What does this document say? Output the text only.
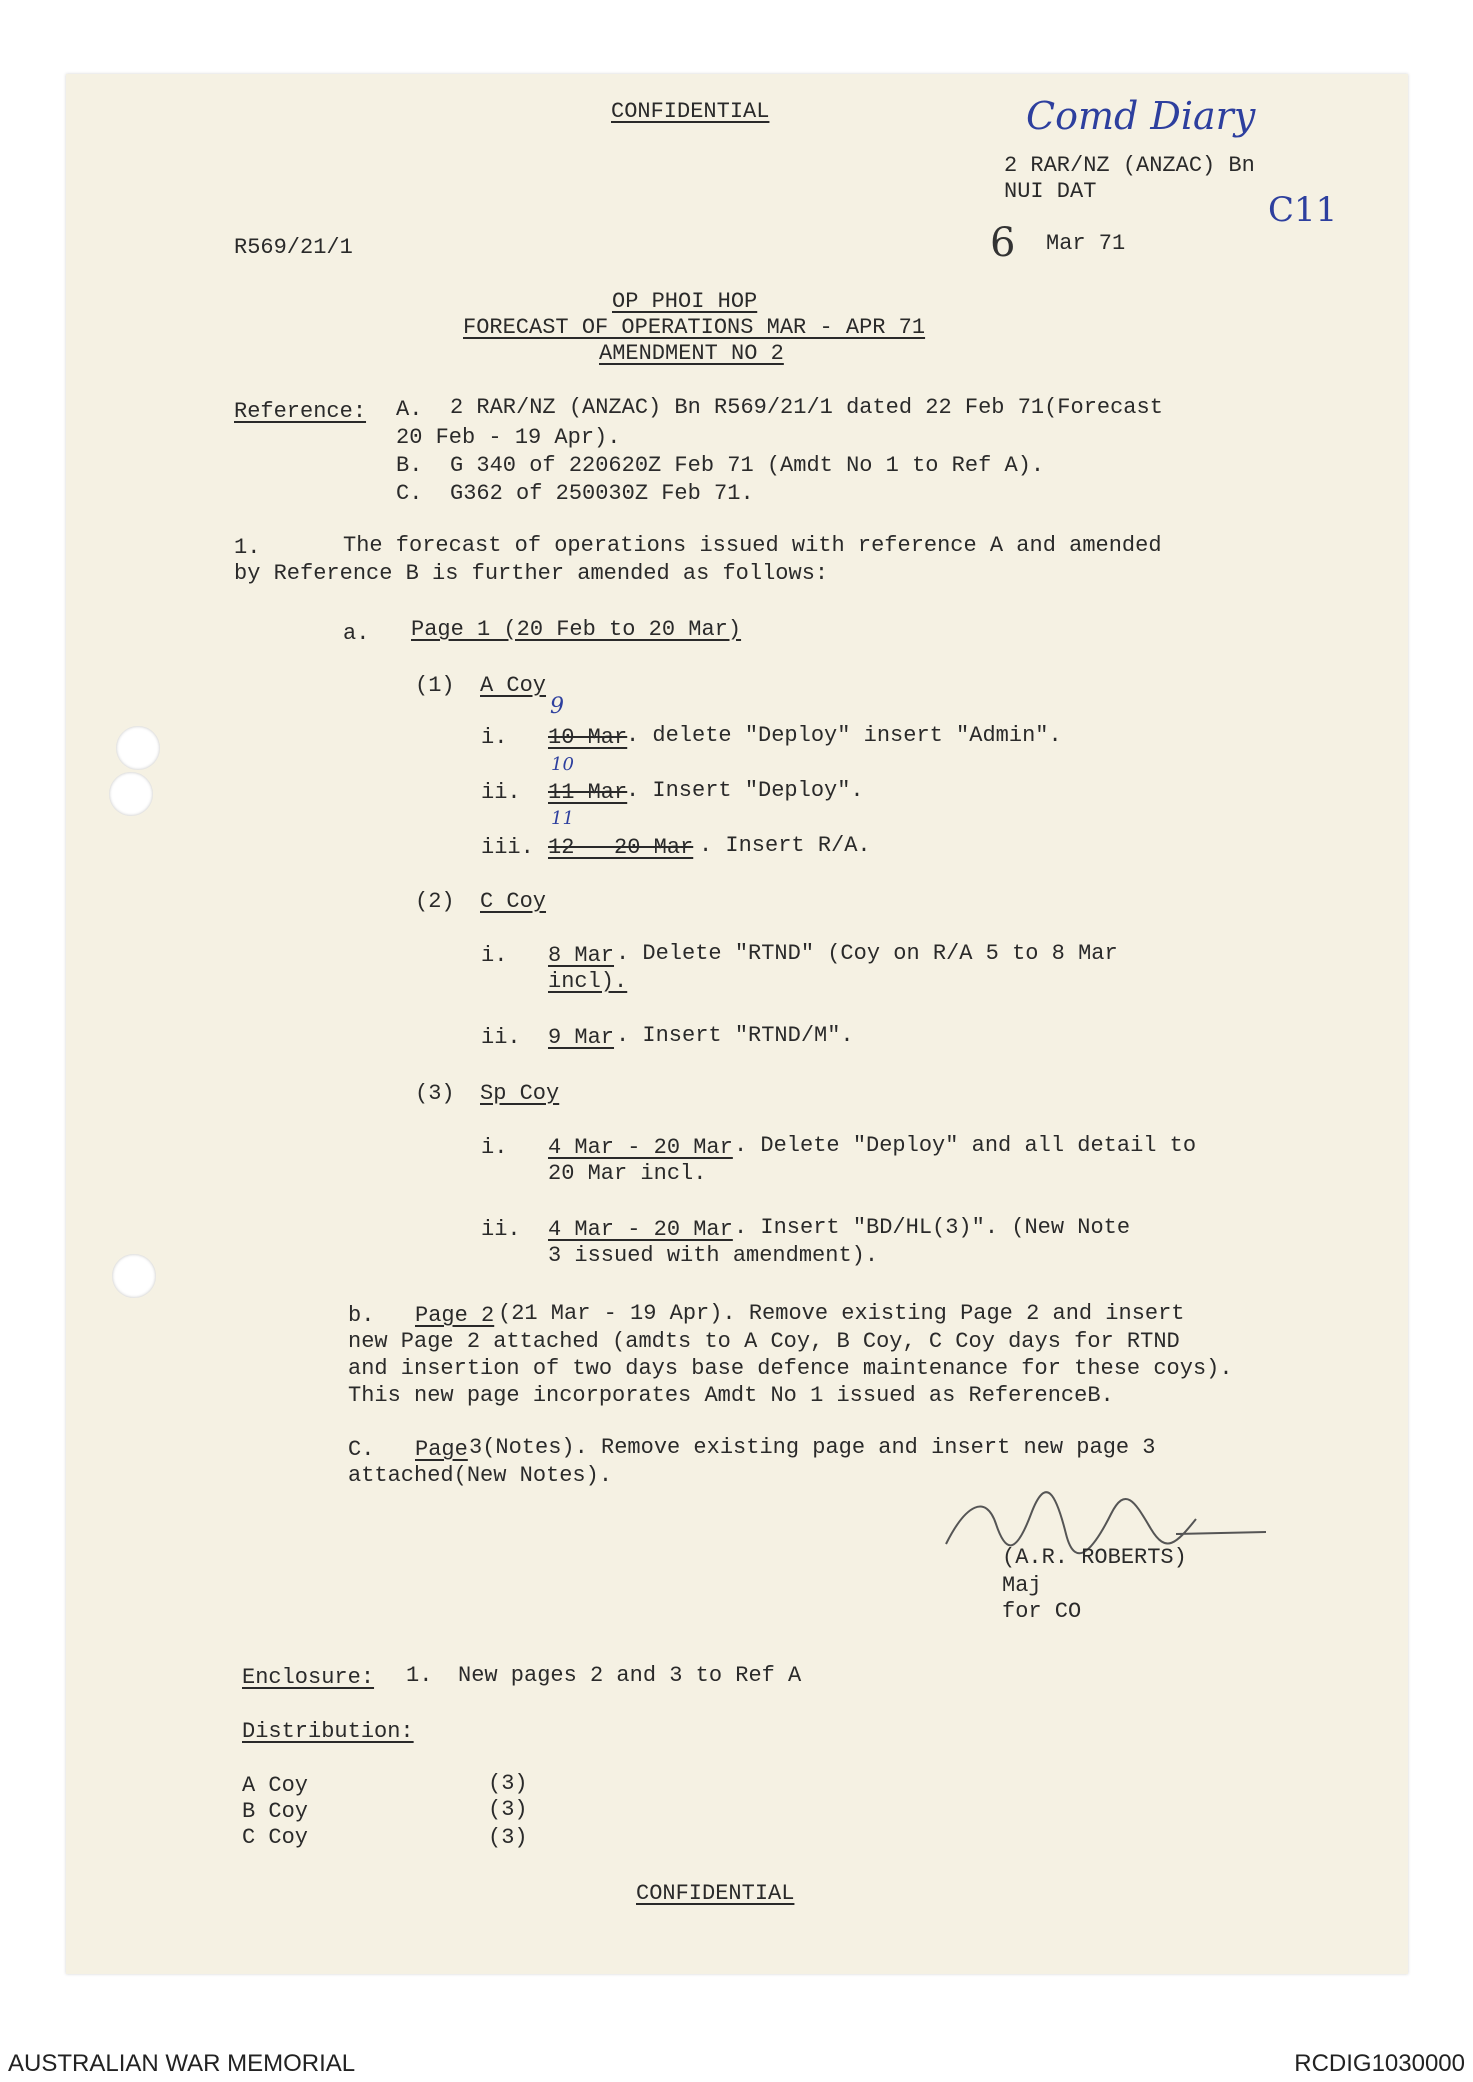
CONFIDENTIAL	Comd Diary
2 RAR/NZ (ANZAC) Bn
NUI DAT	C11
R569/21/1	6 Mar 71
OP PHOI HOP
FORECAST OF OPERATIONS MAR - APR 71
AMENDMENT NO 2
Reference: A. 2 RAR/NZ (ANZAC) Bn R569/21/1 dated 22 Feb 71(Forecast
20 Feb - 19 Apr).
B. G 340 of 220620Z Feb 71 (Amdt No 1 to Ref A).
C. G362 of 250030Z Feb 71.
1.	The forecast of operations issued with reference A and amended
by Reference B is further amended as follows:
a. Page 1 (20 Feb to 20 Mar)
(1) A Coy
i.
9
10 Mar
. delete "Deploy" insert "Admin".
ii.
10
11 Mar
. Insert "Deploy".
iii.
11
12 - 20 Mar . Insert R/A.
(2) C Coy
i. 8 Mar . Delete "RTND" (Coy on R/A 5 to 8 Mar
incl).
ii. 9 Mar . Insert "RTND/M".
(3) Sp Coy
i. 4 Mar - 20 Mar . Delete "Deploy" and all detail to
20 Mar incl.
ii. 4 Mar - 20 Mar . Insert "BD/HL(3)". (New Note
3 issued with amendment).
b. Page 2 (21 Mar - 19 Apr). Remove existing Page 2 and insert
new Page 2 attached (amdts to A Coy, B Coy, C Coy days for RTND
and insertion of two days base defence maintenance for these coys).
This new page incorporates Amdt No 1 issued as ReferenceB.
C. Page 3(Notes). Remove existing page and insert new page 3
attached(New Notes).
(A.R. ROBERTS)
Maj
for CO
Enclosure: 1. New pages 2 and 3 to Ref A
Distribution:
A Coy	(3)
B Coy	(3)
C Coy	(3)
CONFIDENTIAL
AUSTRALIAN WAR MEMORIAL	RCDIG1030000
